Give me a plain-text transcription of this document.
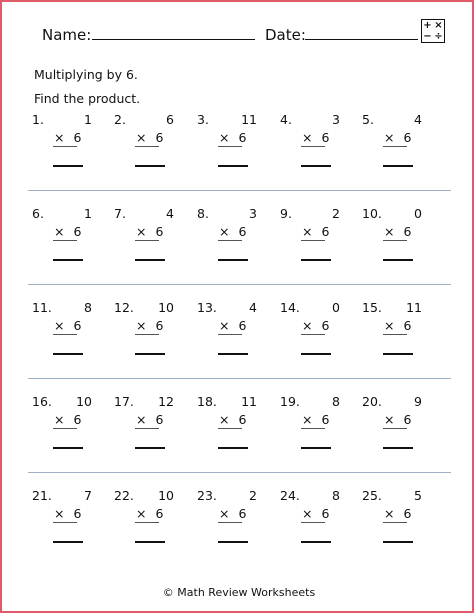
Name:	Date:
+ ×
− ÷
Multiplying by 6.
Find the product.
1.	1
× 6
2.	6
× 6
3.	11
× 6
4.	3
× 6
5.	4
× 6
6.	1
× 6
7.	4
× 6
8.	3
× 6
9.	2
× 6
10.	0
× 6
11.	8
× 6
12. 10
× 6
13.	4
× 6
14.	0
× 6
15. 11
× 6
16. 10
× 6
17. 12
× 6
18. 11
× 6
19.	8
× 6
20.	9
× 6
21.	7
× 6
22. 10
× 6
23.	2
× 6
24.	8
× 6
25.	5
× 6
© Math Review Worksheets
